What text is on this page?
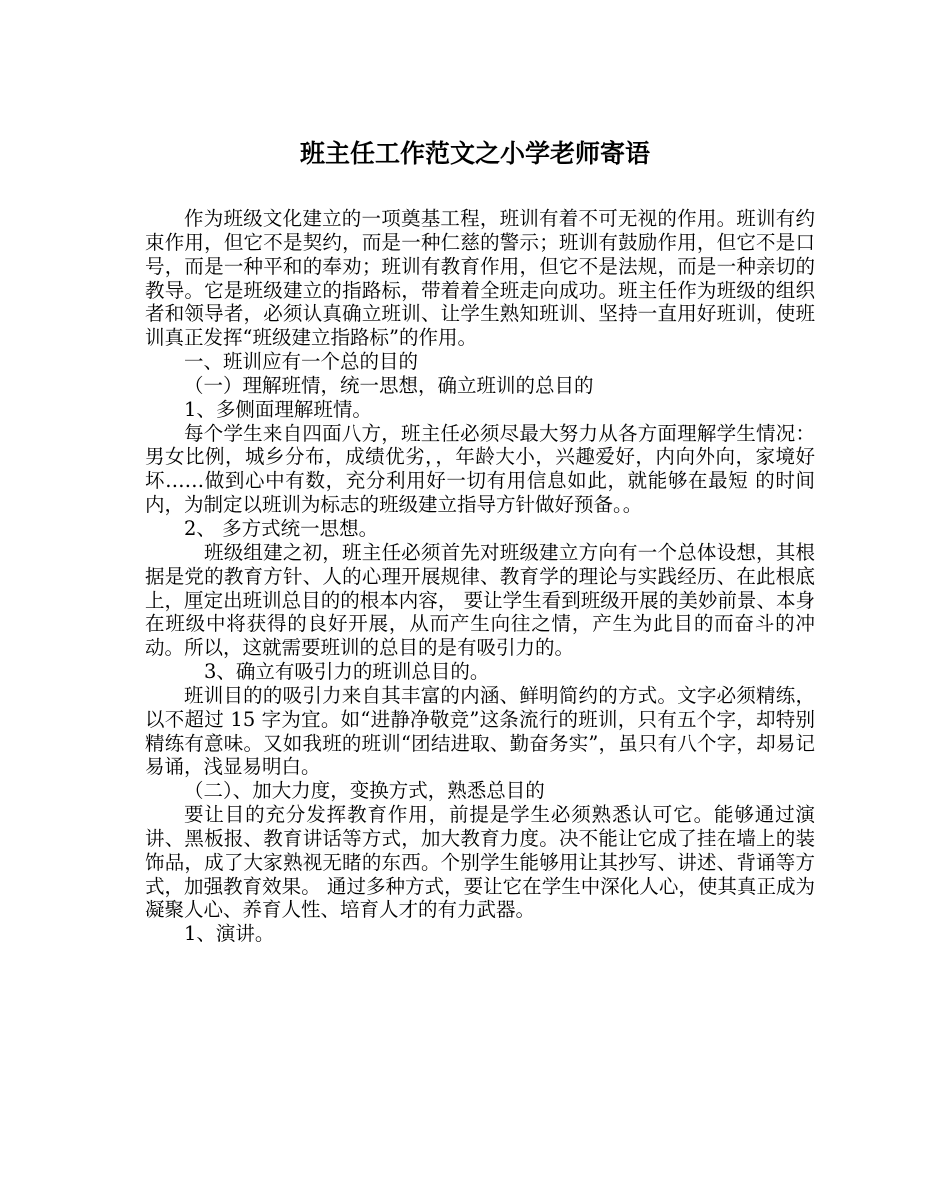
班主任工作范文之小学老师寄语

作为班级文化建立的一项奠基工程，班训有着不可无视的作用。班训有约束作用，但它不是契约，而是一种仁慈的警示；班训有鼓励作用，但它不是口号，而是一种平和的奉劝；班训有教育作用，但它不是法规，而是一种亲切的教导。它是班级建立的指路标，带着着全班走向成功。班主任作为班级的组织者和领导者，必须认真确立班训、让学生熟知班训、坚持一直用好班训，使班训真正发挥“班级建立指路标”的作用。

一、班训应有一个总的目的

（一）理解班情，统一思想，确立班训的总目的

1、多侧面理解班情。

每个学生来自四面八方，班主任必须尽最大努力从各方面理解学生情况：男女比例，城乡分布，成绩优劣，，年龄大小，兴趣爱好，内向外向，家境好坏……做到心中有数，充分利用好一切有用信息如此，就能够在最短 的时间内，为制定以班训为标志的班级建立指导方针做好预备。。

2、 多方式统一思想。

班级组建之初，班主任必须首先对班级建立方向有一个总体设想，其根据是党的教育方针、人的心理开展规律、教育学的理论与实践经历、在此根底上，厘定出班训总目的的根本内容， 要让学生看到班级开展的美妙前景、本身在班级中将获得的良好开展，从而产生向往之情，产生为此目的而奋斗的冲动。所以，这就需要班训的总目的是有吸引力的。

3、确立有吸引力的班训总目的。

班训目的的吸引力来自其丰富的内涵、鲜明简约的方式。文字必须精练，以不超过 15 字为宜。如“进静净敬竞”这条流行的班训，只有五个字，却特别精练有意味。又如我班的班训“团结进取、勤奋务实”，虽只有八个字，却易记易诵，浅显易明白。

（二）、加大力度，变换方式，熟悉总目的

要让目的充分发挥教育作用，前提是学生必须熟悉认可它。能够通过演讲、黑板报、教育讲话等方式，加大教育力度。决不能让它成了挂在墙上的装饰品，成了大家熟视无睹的东西。个别学生能够用让其抄写、讲述、背诵等方式，加强教育效果。 通过多种方式，要让它在学生中深化人心，使其真正成为凝聚人心、养育人性、培育人才的有力武器。

1、演讲。
